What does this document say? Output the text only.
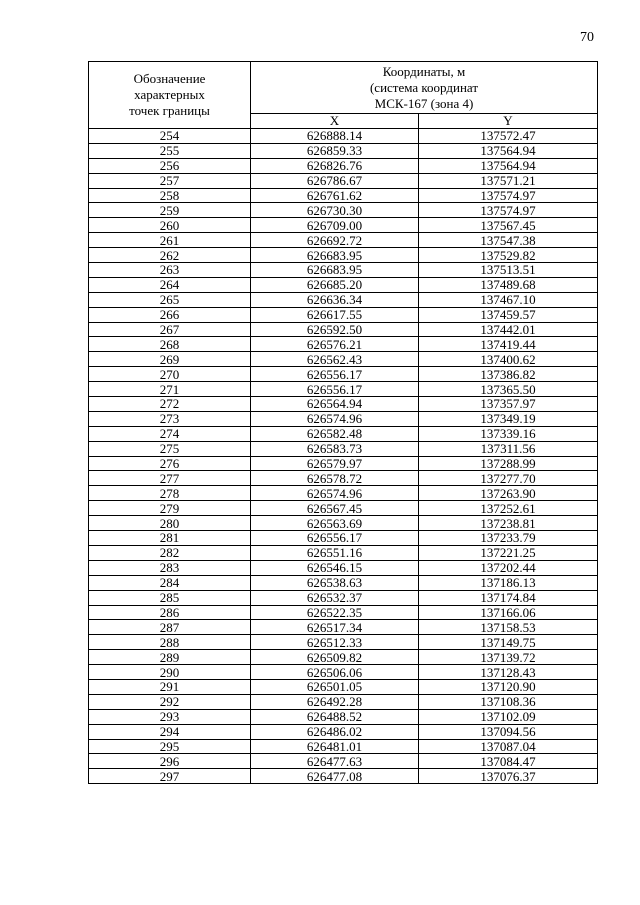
70
Обозначение
характерных
точек границы	Координаты, м
(система координат
МСК-167 (зона 4)	

	X	Y
254	626888.14	137572.47
255	626859.33	137564.94
256	626826.76	137564.94
257	626786.67	137571.21
258	626761.62	137574.97
259	626730.30	137574.97
260	626709.00	137567.45
261	626692.72	137547.38
262	626683.95	137529.82
263	626683.95	137513.51
264	626685.20	137489.68
265	626636.34	137467.10
266	626617.55	137459.57
267	626592.50	137442.01
268	626576.21	137419.44
269	626562.43	137400.62
270	626556.17	137386.82
271	626556.17	137365.50
272	626564.94	137357.97
273	626574.96	137349.19
274	626582.48	137339.16
275	626583.73	137311.56
276	626579.97	137288.99
277	626578.72	137277.70
278	626574.96	137263.90
279	626567.45	137252.61
280	626563.69	137238.81
281	626556.17	137233.79
282	626551.16	137221.25
283	626546.15	137202.44
284	626538.63	137186.13
285	626532.37	137174.84
286	626522.35	137166.06
287	626517.34	137158.53
288	626512.33	137149.75
289	626509.82	137139.72
290	626506.06	137128.43
291	626501.05	137120.90
292	626492.28	137108.36
293	626488.52	137102.09
294	626486.02	137094.56
295	626481.01	137087.04
296	626477.63	137084.47
297	626477.08	137076.37
